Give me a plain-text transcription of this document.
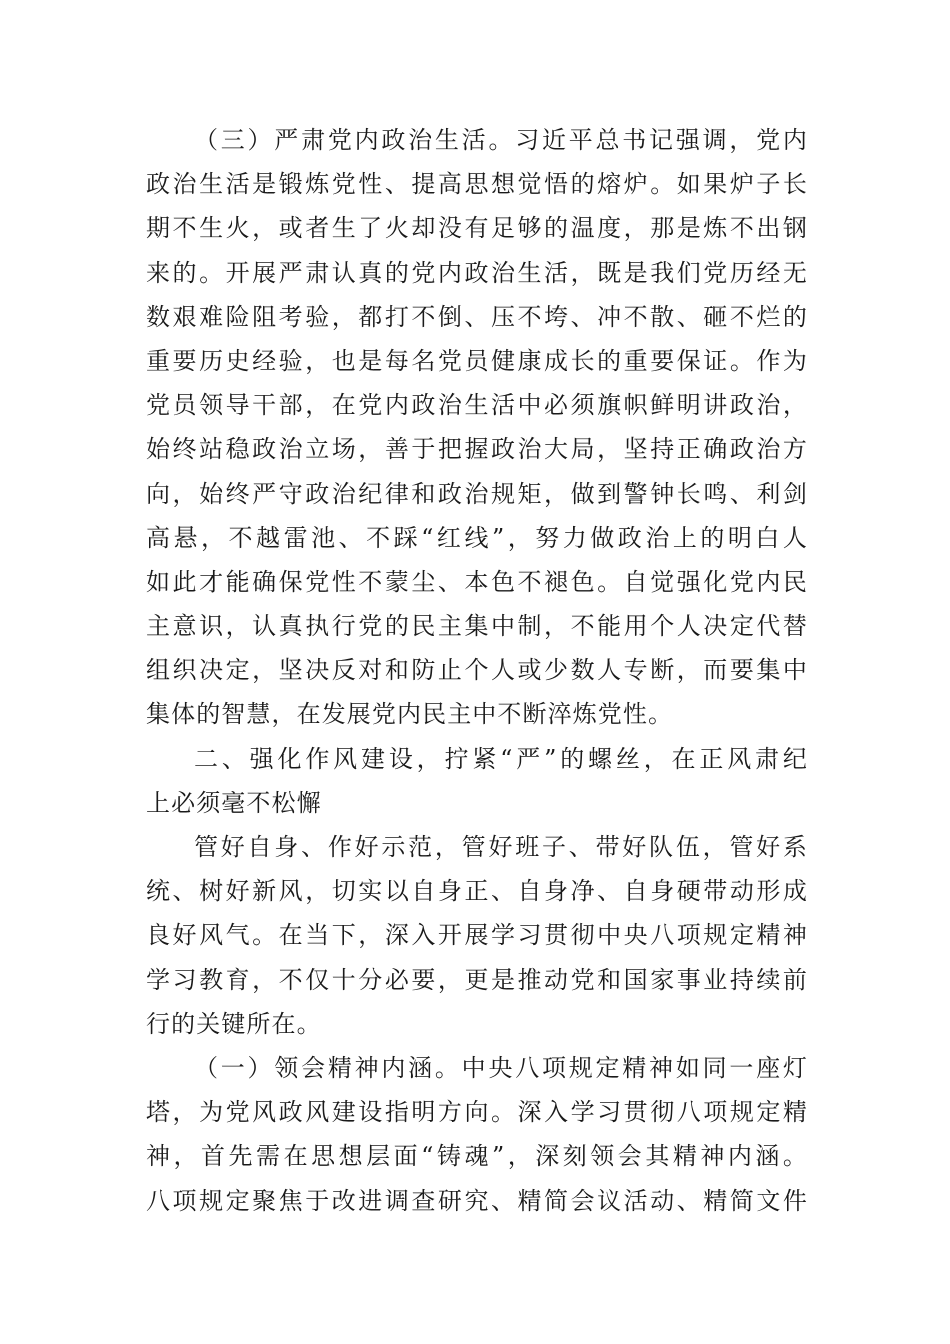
（三）严肃党内政治生活。习近平总书记强调，党内
政治生活是锻炼党性、提高思想觉悟的熔炉。如果炉子长
期不生火，或者生了火却没有足够的温度，那是炼不出钢
来的。开展严肃认真的党内政治生活，既是我们党历经无
数艰难险阻考验，都打不倒、压不垮、冲不散、砸不烂的
重要历史经验，也是每名党员健康成长的重要保证。作为
党员领导干部，在党内政治生活中必须旗帜鲜明讲政治，
始终站稳政治立场，善于把握政治大局，坚持正确政治方
向，始终严守政治纪律和政治规矩，做到警钟长鸣、利剑
高悬，不越雷池、不踩“红线”，努力做政治上的明白人
如此才能确保党性不蒙尘、本色不褪色。自觉强化党内民
主意识，认真执行党的民主集中制，不能用个人决定代替
组织决定，坚决反对和防止个人或少数人专断，而要集中
集体的智慧，在发展党内民主中不断淬炼党性。
二、强化作风建设，拧紧“严”的螺丝，在正风肃纪
上必须毫不松懈
管好自身、作好示范，管好班子、带好队伍，管好系
统、树好新风，切实以自身正、自身净、自身硬带动形成
良好风气。在当下，深入开展学习贯彻中央八项规定精神
学习教育，不仅十分必要，更是推动党和国家事业持续前
行的关键所在。
（一）领会精神内涵。中央八项规定精神如同一座灯
塔，为党风政风建设指明方向。深入学习贯彻八项规定精
神，首先需在思想层面“铸魂”，深刻领会其精神内涵。
八项规定聚焦于改进调查研究、精简会议活动、精简文件
